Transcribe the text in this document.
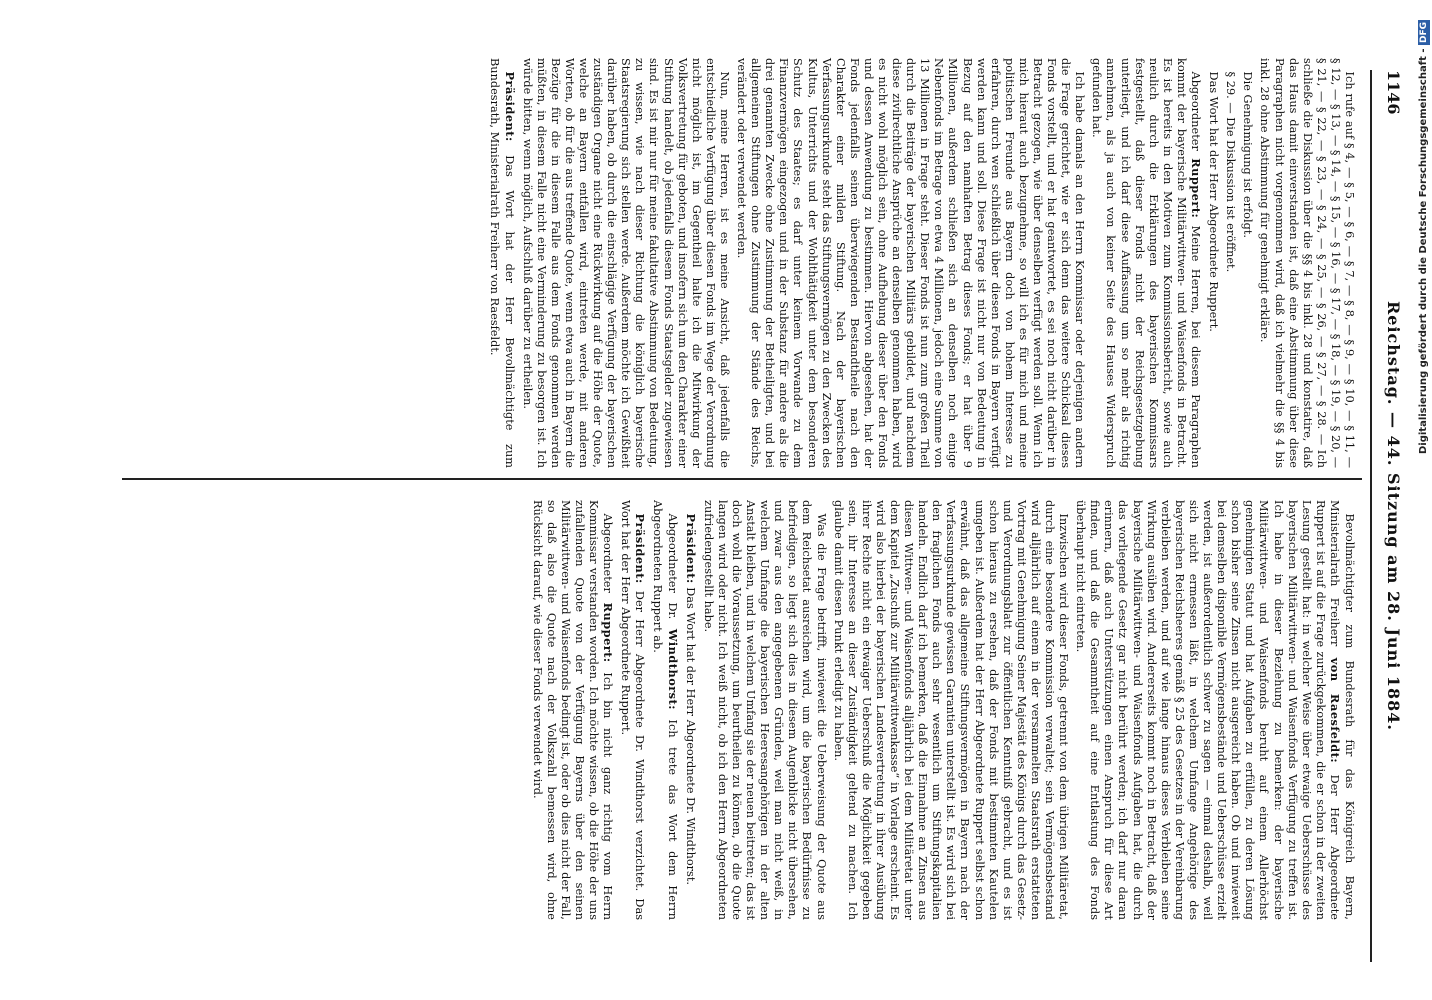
1146
Reichstag. — 44. Sitzung am 28. Juni 1884.

Ich rufe auf § 4, — § 5, — § 6, — § 7, — § 8, — § 9, — § 10, — § 11, — § 12, — § 13, — § 14, — § 15, — § 16, — § 17, — § 18, — § 19, — § 20, — § 21, — § 22, — § 23, — § 24, — § 25, — § 26, — § 27, — § 28. — Ich schließe die Diskussion über die §§ 4 bis inkl. 28 und konstatire, daß das Haus damit einverstanden ist, daß eine Abstimmung über diese Paragraphen nicht vorgenommen wird, daß ich vielmehr die §§ 4 bis inkl. 28 ohne Abstimmung für genehmigt erkläre.

Die Genehmigung ist erfolgt.

§ 29. — Die Diskussion ist eröffnet.

Das Wort hat der Herr Abgeordnete Ruppert.

Abgeordneter Ruppert: Meine Herren, bei diesem Paragraphen kommt der bayerische Militärwittwen- und Waisenfonds in Betracht. Es ist bereits in den Motiven zum Kommissionsbericht, sowie auch neulich durch die Erklärungen des bayerischen Kommissars festgestellt, daß dieser Fonds nicht der Reichsgesetzgebung unterliegt, und ich darf diese Auffassung um so mehr als richtig annehmen, als ja auch von keiner Seite des Hauses Widerspruch gefunden hat.

Ich habe damals an den Herrn Kommissar oder derjenigen andern die Frage gerichtet, wie er sich denn das weitere Schicksal dieses Fonds vorstellt, und er hat geantwortet, es sei noch nicht darüber in Betracht gezogen, wie über denselben verfügt werden soll. Wenn ich mich hieraut auch bezugnehme, so will ich es für mich und meine politischen Freunde aus Bayern doch von hohem Interesse zu erfahren, durch wen schließlich über diesen Fonds in Bayern verfügt werden kann und soll. Diese Frage ist nicht nur von Bedeutung in Bezug auf den namhaften Betrag dieses Fonds; er hat über 9 Millionen, außerdem schließen sich an denselben noch einige Nebenfonds im Betrage von etwa 4 Millionen, jedoch eine Summe von 13 Millionen in Frage steht. Dieser Fonds ist nun zum großen Theil durch die Beiträge der bayerischen Militärs gebildet, und nachdem diese zivilrechtliche Ansprüche an denselben genommen haben, wird es nicht wohl möglich sein, ohne Aufhebung dieser über den Fonds und dessen Anwendung zu bestimmen. Hiervon abgesehen, hat der Fonds jedenfalls seinen überwiegenden Bestandtheile nach den Charakter einer milden Stiftung. Nach der bayerischen Verfassungsurkunde steht das Stiftungsvermögen zu den Zwecken des Kultus, Unterrichts und der Wohlthätigkeit unter dem besonderen Schutz des Staates; es darf unter keinem Vorwande zu dem Finanzvermögen eingezogen und in der Substanz für andere als die drei genannten Zwecke ohne Zustimmung der Betheiligten, und bei allgemeinen Stiftungen ohne Zustimmung der Stände des Reichs, verändert oder verwendet werden.

Nun, meine Herren, ist es meine Ansicht, daß jedenfalls die entschiedliche Verfügung über diesen Fonds im Wege der Verordnung nicht möglich ist, im Gegentheil halte ich die Mitwirkung der Volksvertretung für geboten, und insofern sich um den Charakter einer Stiftung handelt, ob jedenfalls diesem Fonds Staatsgelder zugewiesen sind. Es ist mir nur für meine fakultative Abstimmung von Bedeutung, zu wissen, wie nach dieser Richtung die königlich bayerische Staatsregierung sich stellen werde. Außerdem möchte ich Gewißheit darüber haben, ob durch die einschlägige Verfügung der bayerischen zuständigen Organe nicht eine Rückwirkung auf die Höhe der Quote, welche an Bayern entfallen wird, eintreten werde, mit anderen Worten, ob für die aus treffende Quote, wenn etwa auch in Bayern die Bezüge für die in diesem Falle aus dem Fonds genommen werden müßten, in diesem Falle nicht eine Verminderung zu besorgen ist. Ich würde bitten, wenn möglich, Aufschluß darüber zu ertheilen.

Präsident: Das Wort hat der Herr Bevollmächtigte zum Bundesrath, Ministerialrath Freiherr von Raesfeldt.

Bevollmächtigter zum Bundesrath für das Königreich Bayern, Ministerialrath Freiherr von Raesfeldt: Der Herr Abgeordnete Ruppert ist auf die Frage zurückgekommen, die er schon in der zweiten Lesung gestellt hat: in welcher Weise über etwaige Ueberschüsse des bayerischen Militärwittwen- und Waisenfonds Verfügung zu treffen ist. Ich habe in dieser Beziehung zu bemerken: der bayerische Militärwittwen- und Waisenfonds beruht auf einem Allerhöchst genehmigten Statut und hat Aufgaben zu erfüllen, zu deren Lösung schon bisher seine Zinsen nicht ausgereicht haben. Ob und inwieweit bei demselben disponible Vermögensbestände und Ueberschüsse erzielt werden, ist außerordentlich schwer zu sagen — einmal deshalb, weil sich nicht ermessen läßt, in welchem Umfange Angehörige des bayerischen Reichsheeres gemäß § 25 des Gesetzes in der Vereinbarung verbleiben werden, und auf wie lange hinaus dieses Verbleiben seine Wirkung ausüben wird. Andererseits kommt noch in Betracht, daß der bayerische Militärwittwen- und Waisenfonds Aufgaben hat, die durch das vorliegende Gesetz gar nicht berührt werden; ich darf nur daran erinnern, daß auch Unterstützungen einen Anspruch für diese Art finden, und daß die Gesammtheit auf eine Entlastung des Fonds überhaupt nicht eintreten.

Inzwischen wird dieser Fonds, getrennt von dem übrigen Militäretat, durch eine besondere Kommission verwaltet; sein Vermögensbestand wird alljährlich auf einem in der versammelten Staatsrath erstatteten Vortrag mit Genehmigung Seiner Majestät des Königs durch das Gesetz- und Verordnungsblatt zur öffentlichen Kenntniß gebracht, und es ist schon hieraus zu ersehen, daß der Fonds mit bestimmten Kautelen umgeben ist. Außerdem hat der Herr Abgeordnete Ruppert selbst schon erwähnt, daß das allgemeine Stiftungsvermögen in Bayern nach der Verfassungsurkunde gewissen Garantien unterstellt ist. Es wird sich bei den fraglichen Fonds auch sehr wesentlich um Stiftungskapitalien handeln. Endlich darf ich bemerken, daß die Einnahme an Zinsen aus diesen Wittwen- und Waisenfonds alljährlich bei dem Militäretat unter dem Kapitel „Zuschuß zur Militärwittwenkasse“ in Vorlage erscheint. Es wird also hierbei der bayerischen Landesvertretung in ihrer Ausübung ihrer Rechte nicht ein etwaiger Ueberschuß die Möglichkeit gegeben sein, ihr Interesse an dieser Zuständigkeit geltend zu machen. Ich glaube damit diesen Punkt erledigt zu haben.

Was die Frage betrifft, inwieweit die Ueberweisung der Quote aus dem Reichsetat ausreichen wird, um die bayerischen Bedürfnisse zu befriedigen, so liegt sich dies in diesem Augenblicke nicht übersehen, und zwar aus den angegebenen Gründen, weil man nicht weiß, in welchem Umfange die bayerischen Heeresangehörigen in der alten Anstalt bleiben, und in welchem Umfang sie der neuen beitreten; das ist doch wohl die Voraussetzung, um beurtheilen zu können, ob die Quote langen wird oder nicht. Ich weiß nicht, ob ich den Herrn Abgeordneten zufriedengestellt habe.

Präsident: Das Wort hat der Herr Abgeordnete Dr. Windthorst.

Abgeordneter Dr. Windthorst: Ich trete das Wort dem Herrn Abgeordneten Ruppert ab.

Präsident: Der Herr Abgeordnete Dr. Windthorst verzichtet. Das Wort hat der Herr Abgeordnete Ruppert.

Abgeordneter Ruppert: Ich bin nicht ganz richtig vom Herrn Kommissar verstanden worden. Ich möchte wissen, ob die Höhe der uns zufallenden Quote von der Verfügung Bayerns über den seinen Militärwittwen- und Waisenfonds bedingt ist, oder ob dies nicht der Fall, so daß also die Quote nach der Volkszahl bemessen wird, ohne Rücksicht darauf, wie dieser Fonds verwendet wird.

Digitalisierung gefördert durch die Deutsche Forschungsgemeinschaft - DFG
